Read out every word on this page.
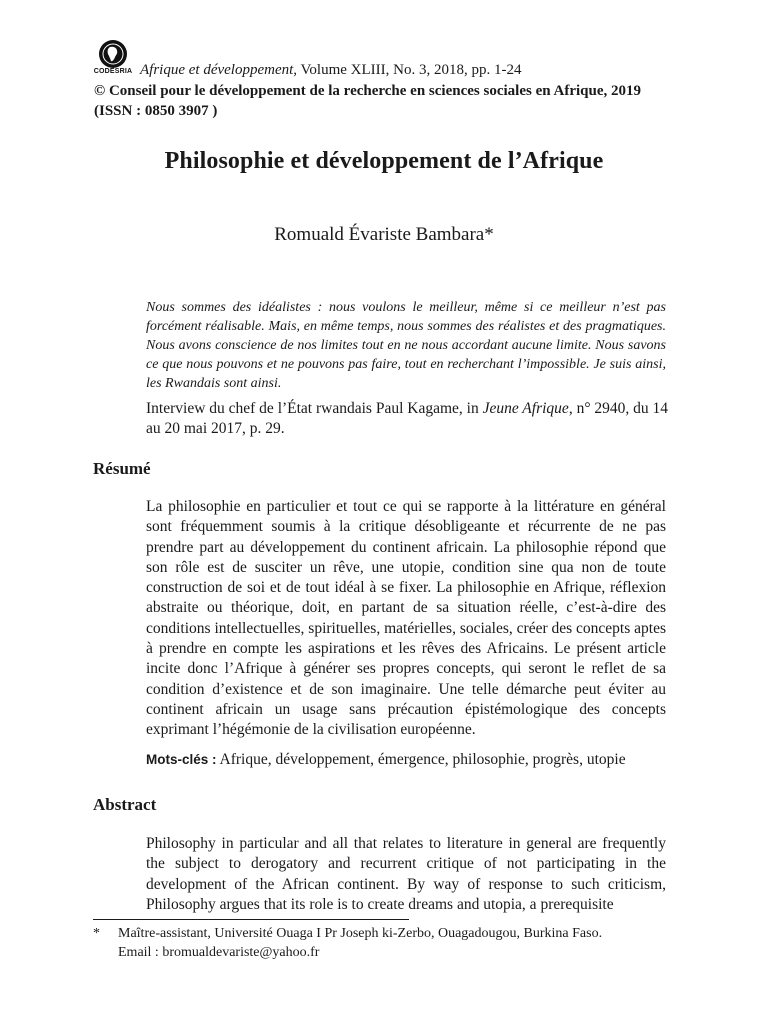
CODESRIA Afrique et développement, Volume XLIII, No. 3, 2018, pp. 1-24
© Conseil pour le développement de la recherche en sciences sociales en Afrique, 2019
(ISSN : 0850 3907 )
Philosophie et développement de l’Afrique
Romuald Évariste Bambara*
Nous sommes des idéalistes : nous voulons le meilleur, même si ce meilleur n’est pas forcément réalisable. Mais, en même temps, nous sommes des réalistes et des pragmatiques. Nous avons conscience de nos limites tout en ne nous accordant aucune limite. Nous savons ce que nous pouvons et ne pouvons pas faire, tout en recherchant l’impossible. Je suis ainsi, les Rwandais sont ainsi.
Interview du chef de l’État rwandais Paul Kagame, in Jeune Afrique, n° 2940, du 14 au 20 mai 2017, p. 29.
Résumé
La philosophie en particulier et tout ce qui se rapporte à la littérature en général sont fréquemment soumis à la critique désobligeante et récurrente de ne pas prendre part au développement du continent africain. La philosophie répond que son rôle est de susciter un rêve, une utopie, condition sine qua non de toute construction de soi et de tout idéal à se fixer. La philosophie en Afrique, réflexion abstraite ou théorique, doit, en partant de sa situation réelle, c’est-à-dire des conditions intellectuelles, spirituelles, matérielles, sociales, créer des concepts aptes à prendre en compte les aspirations et les rêves des Africains. Le présent article incite donc l’Afrique à générer ses propres concepts, qui seront le reflet de sa condition d’existence et de son imaginaire. Une telle démarche peut éviter au continent africain un usage sans précaution épistémologique des concepts exprimant l’hégémonie de la civilisation européenne.
Mots-clés : Afrique, développement, émergence, philosophie, progrès, utopie
Abstract
Philosophy in particular and all that relates to literature in general are frequently the subject to derogatory and recurrent critique of not participating in the development of the African continent. By way of response to such criticism, Philosophy argues that its role is to create dreams and utopia, a prerequisite
* Maître-assistant, Université Ouaga I Pr Joseph ki-Zerbo, Ouagadougou, Burkina Faso.
Email : bromualdevariste@yahoo.fr
